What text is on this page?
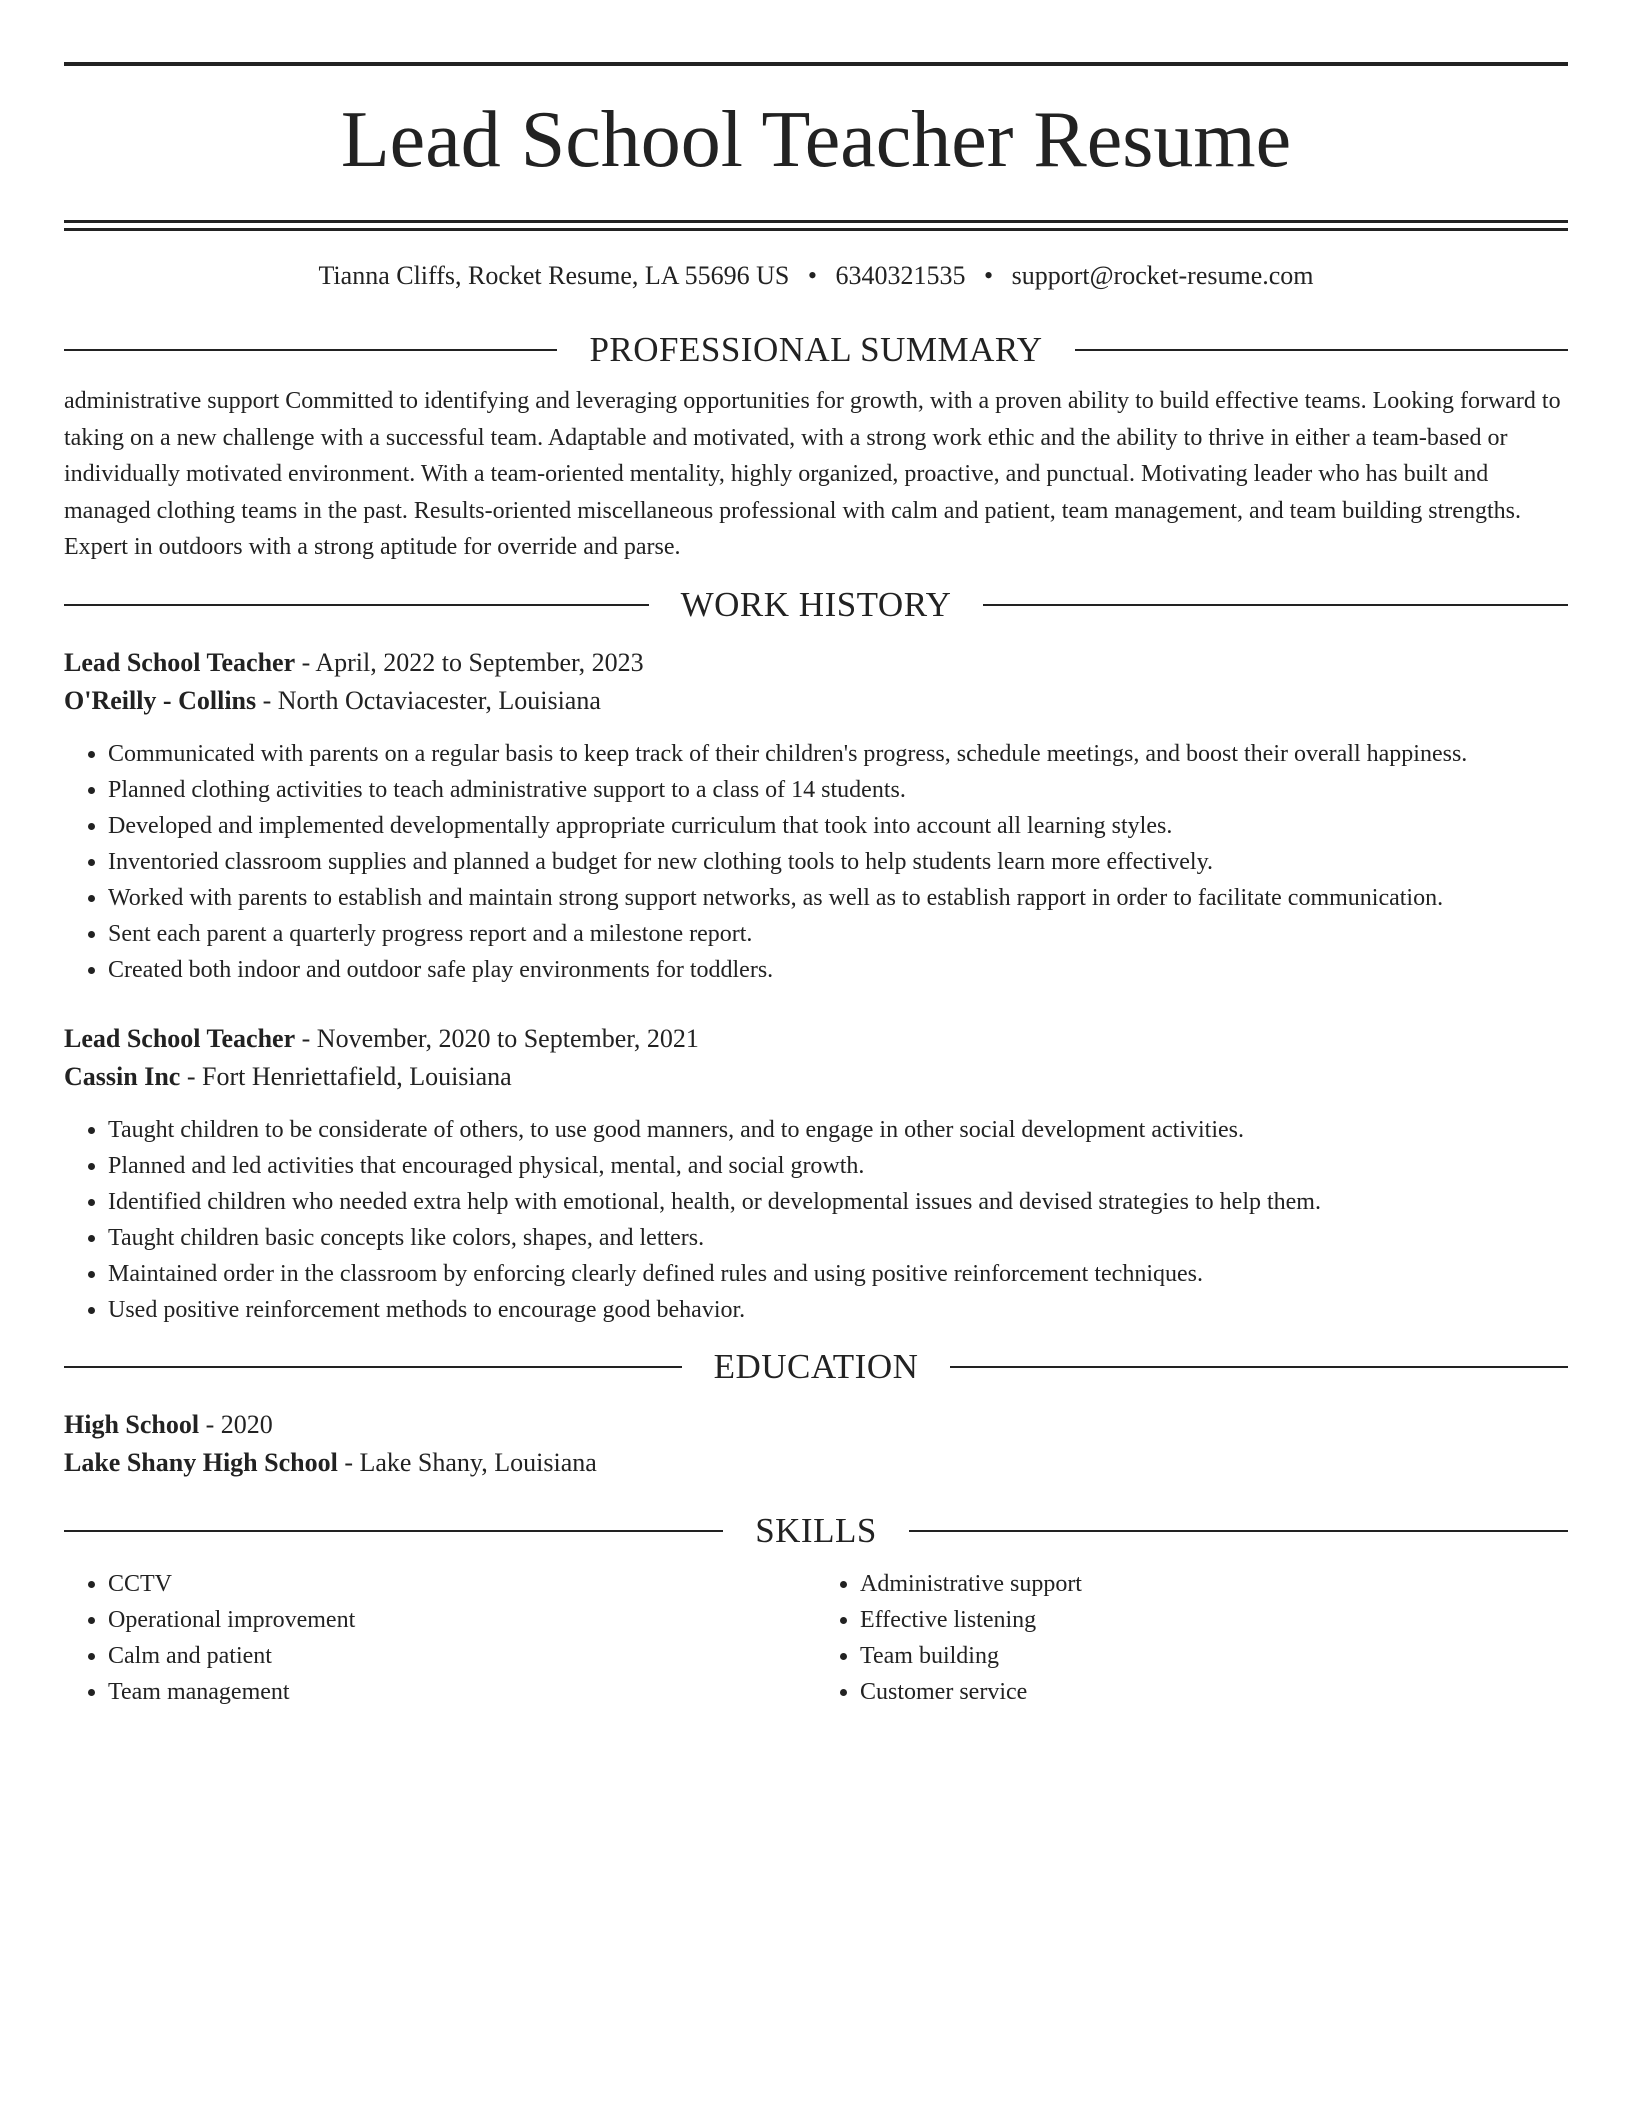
Lead School Teacher Resume
Tianna Cliffs, Rocket Resume, LA 55696 US • 6340321535 • support@rocket-resume.com
PROFESSIONAL SUMMARY

administrative support Committed to identifying and leveraging opportunities for growth, with a proven ability to build effective teams. Looking forward to taking on a new challenge with a successful team. Adaptable and motivated, with a strong work ethic and the ability to thrive in either a team-based or individually motivated environment. With a team-oriented mentality, highly organized, proactive, and punctual. Motivating leader who has built and managed clothing teams in the past. Results-oriented miscellaneous professional with calm and patient, team management, and team building strengths. Expert in outdoors with a strong aptitude for override and parse.

WORK HISTORY
Lead School Teacher - April, 2022 to September, 2023
O'Reilly - Collins - North Octaviacester, Louisiana
• Communicated with parents on a regular basis to keep track of their children's progress, schedule meetings, and boost their overall happiness.
• Planned clothing activities to teach administrative support to a class of 14 students.
• Developed and implemented developmentally appropriate curriculum that took into account all learning styles.
• Inventoried classroom supplies and planned a budget for new clothing tools to help students learn more effectively.
• Worked with parents to establish and maintain strong support networks, as well as to establish rapport in order to facilitate communication.
• Sent each parent a quarterly progress report and a milestone report.
• Created both indoor and outdoor safe play environments for toddlers.
Lead School Teacher - November, 2020 to September, 2021
Cassin Inc - Fort Henriettafield, Louisiana
• Taught children to be considerate of others, to use good manners, and to engage in other social development activities.
• Planned and led activities that encouraged physical, mental, and social growth.
• Identified children who needed extra help with emotional, health, or developmental issues and devised strategies to help them.
• Taught children basic concepts like colors, shapes, and letters.
• Maintained order in the classroom by enforcing clearly defined rules and using positive reinforcement techniques.
• Used positive reinforcement methods to encourage good behavior.
EDUCATION
High School - 2020
Lake Shany High School - Lake Shany, Louisiana
SKILLS
• CCTV
• Operational improvement
• Calm and patient
• Team management
• Administrative support
• Effective listening
• Team building
• Customer service
